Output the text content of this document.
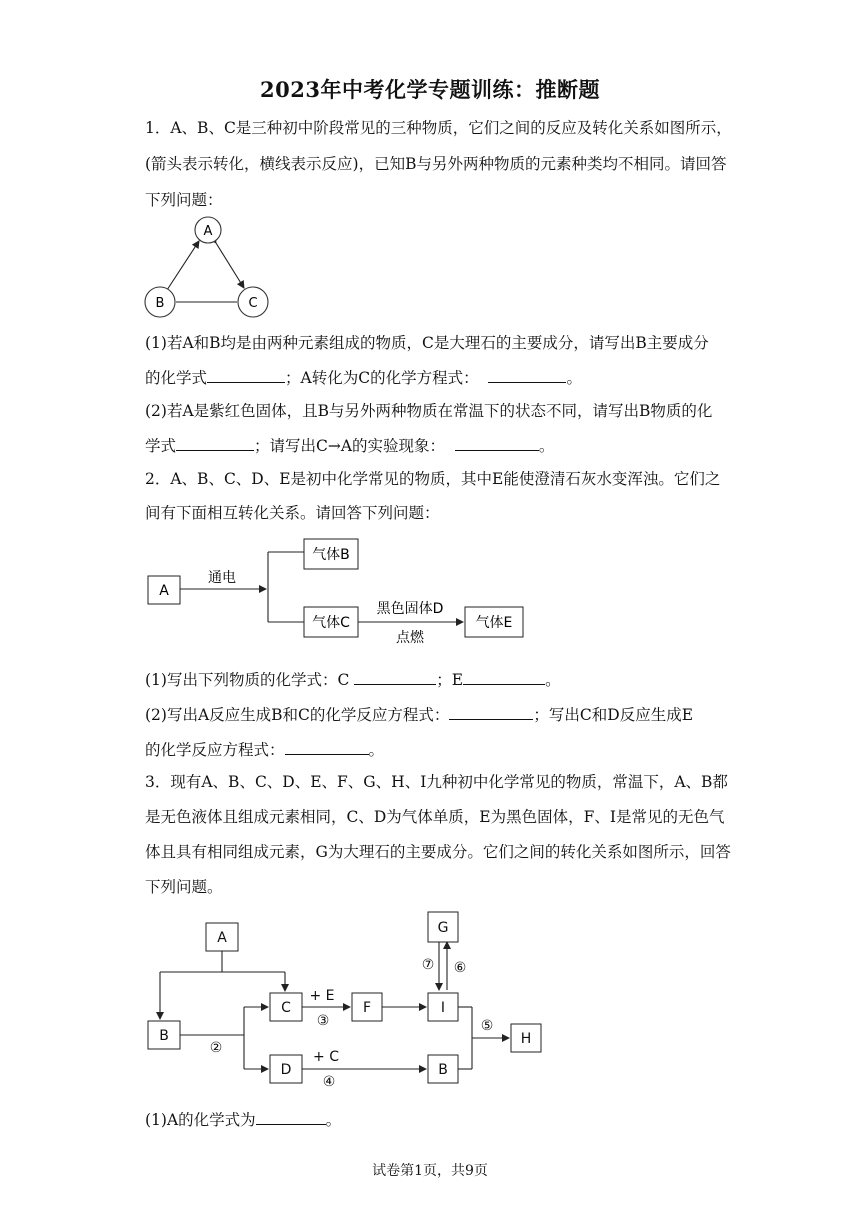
2023年中考化学专题训练：推断题
1．A、B、C是三种初中阶段常见的三种物质，它们之间的反应及转化关系如图所示，
(箭头表示转化，横线表示反应)，已知B与另外两种物质的元素种类均不相同。请回答
下列问题：
A
B	C
(1)若A和B均是由两种元素组成的物质，C是大理石的主要成分，请写出B主要成分
的化学式	；A转化为C的化学方程式：	。
(2)若A是紫红色固体，且B与另外两种物质在常温下的状态不同，请写出B物质的化
学式	；请写出C→A的实验现象：	。
2．A、B、C、D、E是初中化学常见的物质，其中E能使澄清石灰水变浑浊。它们之
间有下面相互转化关系。请回答下列问题：
A
通电
气体B
气体C
黑色固体D
点燃
气体E
(1)写出下列物质的化学式：C	；E	。
(2)写出A反应生成B和C的化学反应方程式：	；写出C和D反应生成E
的化学反应方程式：	。
3．现有A、B、C、D、E、F、G、H、I九种初中化学常见的物质，常温下，A、B都
是无色液体且组成元素相同，C、D为气体单质，E为黑色固体，F、I是常见的无色气
体且具有相同组成元素，G为大理石的主要成分。它们之间的转化关系如图所示，回答
下列问题。
A
B
C	F	I
G
H
D	B
+ E
③
②
+ C
④
⑦ ⑥
⑤
(1)A的化学式为	。
试卷第1页，共9页
